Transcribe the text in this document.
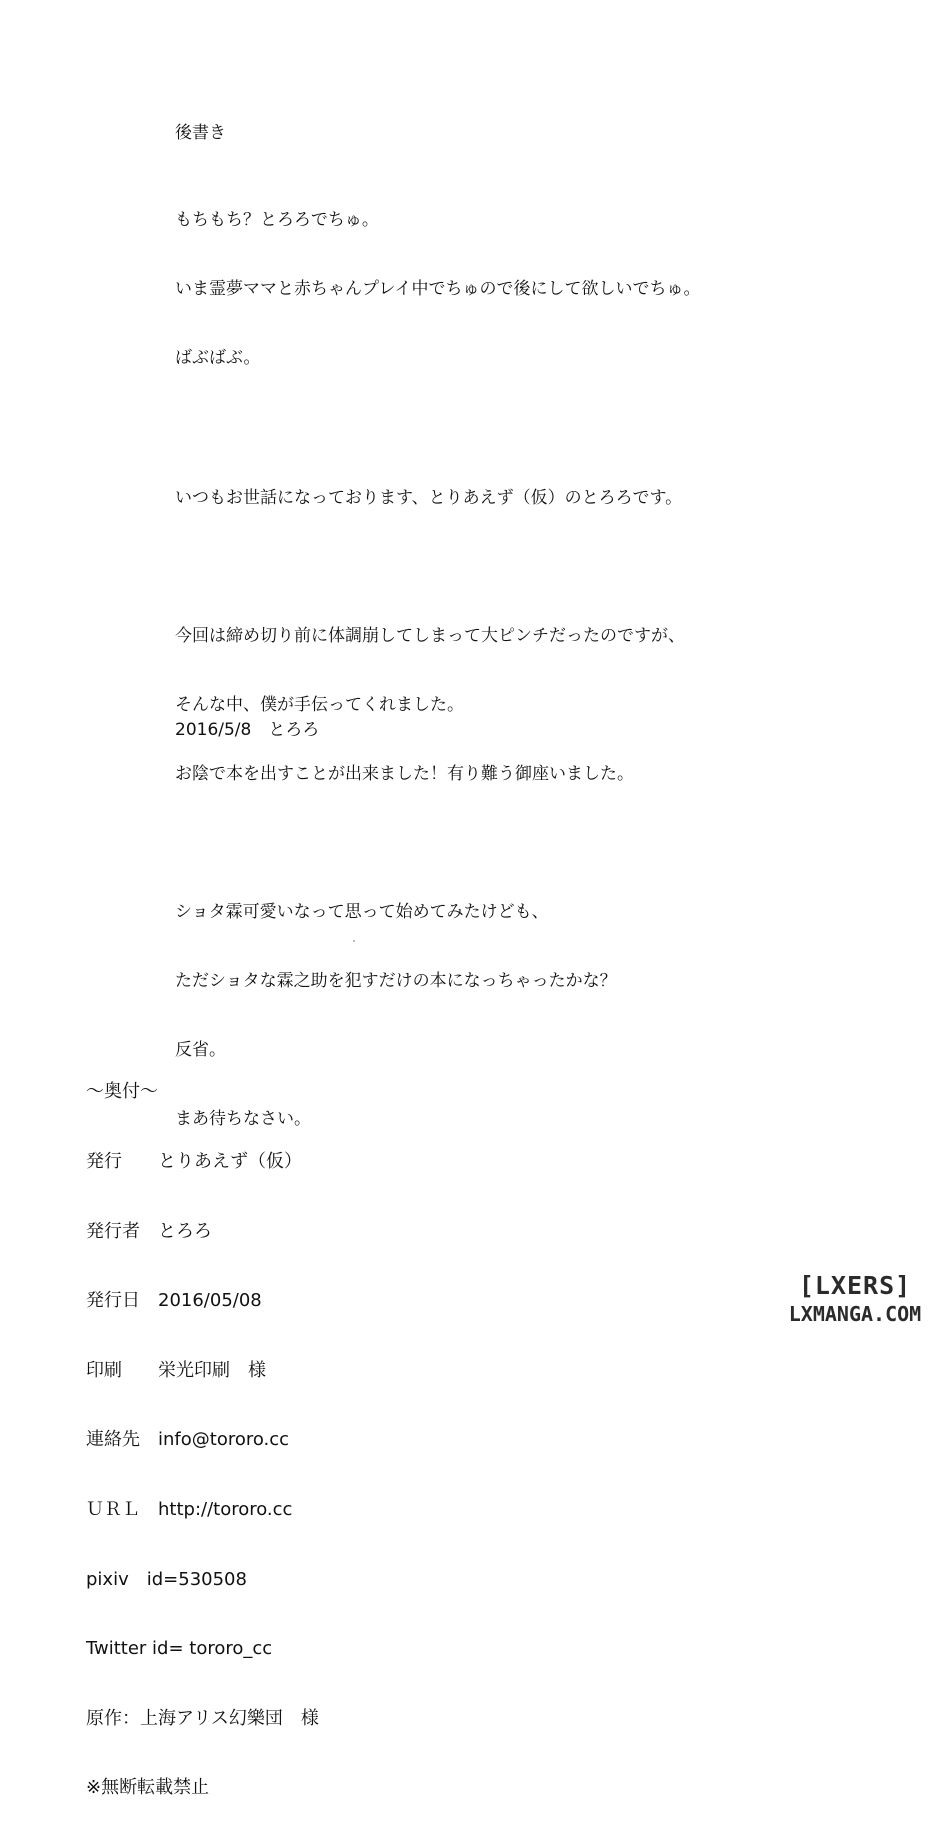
後書き

もちもち？とろろでちゅ。

いま霊夢ママと赤ちゃんプレイ中でちゅので後にして欲しいでちゅ。

ばぶばぶ。

いつもお世話になっております、とりあえず（仮）のとろろです。

今回は締め切り前に体調崩してしまって大ピンチだったのですが、

そんな中、僕が手伝ってくれました。

お陰で本を出すことが出来ました！有り難う御座いました。

ショタ霖可愛いなって思って始めてみたけども、

ただショタな霖之助を犯すだけの本になっちゃったかな？

反省。

まあ待ちなさい。

2016/5/8　とろろ

～奥付～

発行 とりあえず（仮）

発行者 とろろ

発行日 2016/05/08

印刷 栄光印刷　様

連絡先 info@tororo.cc

ＵＲＬ http://tororo.cc

pixiv　id=530508

Twitter id= tororo_cc

原作：上海アリス幻樂団　様

※無断転載禁止

[LXERS]
LXMANGA.COM
